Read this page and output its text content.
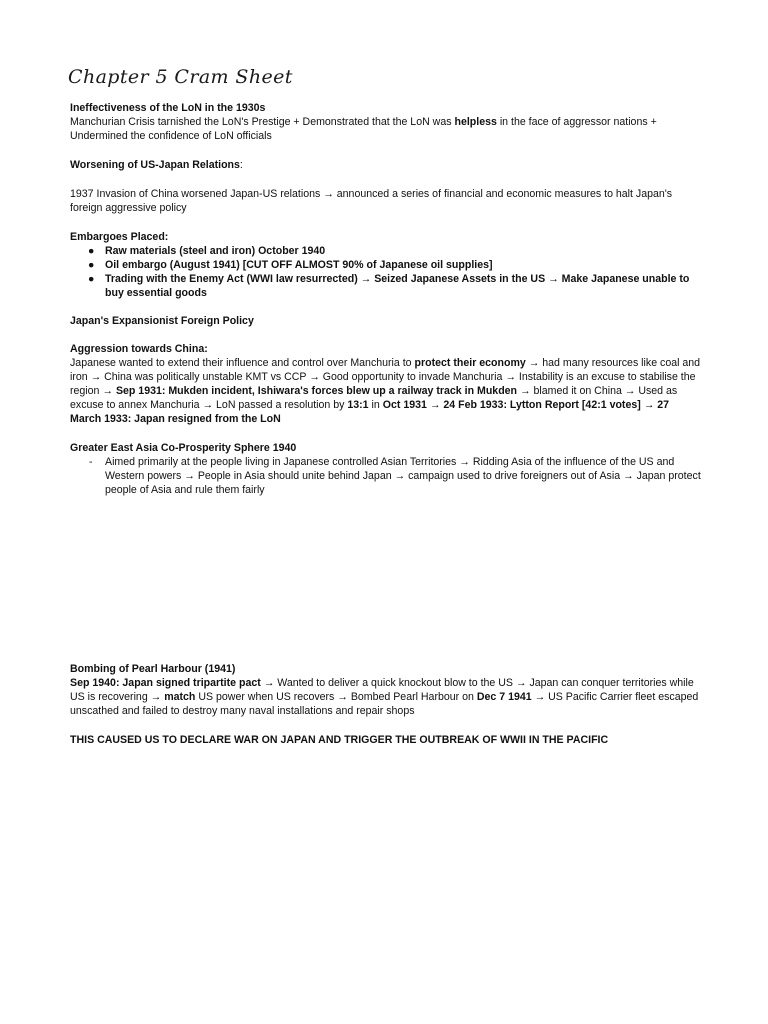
Chapter 5 Cram Sheet
Ineffectiveness of the LoN in the 1930s
Manchurian Crisis tarnished the LoN's Prestige + Demonstrated that the LoN was helpless in the face of aggressor nations + Undermined the confidence of LoN officials
Worsening of US-Japan Relations:
1937 Invasion of China worsened Japan-US relations → announced a series of financial and economic measures to halt Japan's foreign aggressive policy
Embargoes Placed:
● Raw materials (steel and iron) October 1940
● Oil embargo (August 1941) [CUT OFF ALMOST 90% of Japanese oil supplies]
● Trading with the Enemy Act (WWI law resurrected) → Seized Japanese Assets in the US → Make Japanese unable to buy essential goods
Japan's Expansionist Foreign Policy
Aggression towards China:
Japanese wanted to extend their influence and control over Manchuria to protect their economy → had many resources like coal and iron → China was politically unstable KMT vs CCP → Good opportunity to invade Manchuria → Instability is an excuse to stabilise the region → Sep 1931: Mukden incident, Ishiwara's forces blew up a railway track in Mukden → blamed it on China → Used as excuse to annex Manchuria → LoN passed a resolution by 13:1 in Oct 1931 → 24 Feb 1933: Lytton Report [42:1 votes] → 27 March 1933: Japan resigned from the LoN
Greater East Asia Co-Prosperity Sphere 1940
- Aimed primarily at the people living in Japanese controlled Asian Territories → Ridding Asia of the influence of the US and Western powers → People in Asia should unite behind Japan → campaign used to drive foreigners out of Asia → Japan protect people of Asia and rule them fairly
Bombing of Pearl Harbour (1941)
Sep 1940: Japan signed tripartite pact → Wanted to deliver a quick knockout blow to the US → Japan can conquer territories while US is recovering → match US power when US recovers → Bombed Pearl Harbour on Dec 7 1941 → US Pacific Carrier fleet escaped unscathed and failed to destroy many naval installations and repair shops
THIS CAUSED US TO DECLARE WAR ON JAPAN AND TRIGGER THE OUTBREAK OF WWII IN THE PACIFIC
